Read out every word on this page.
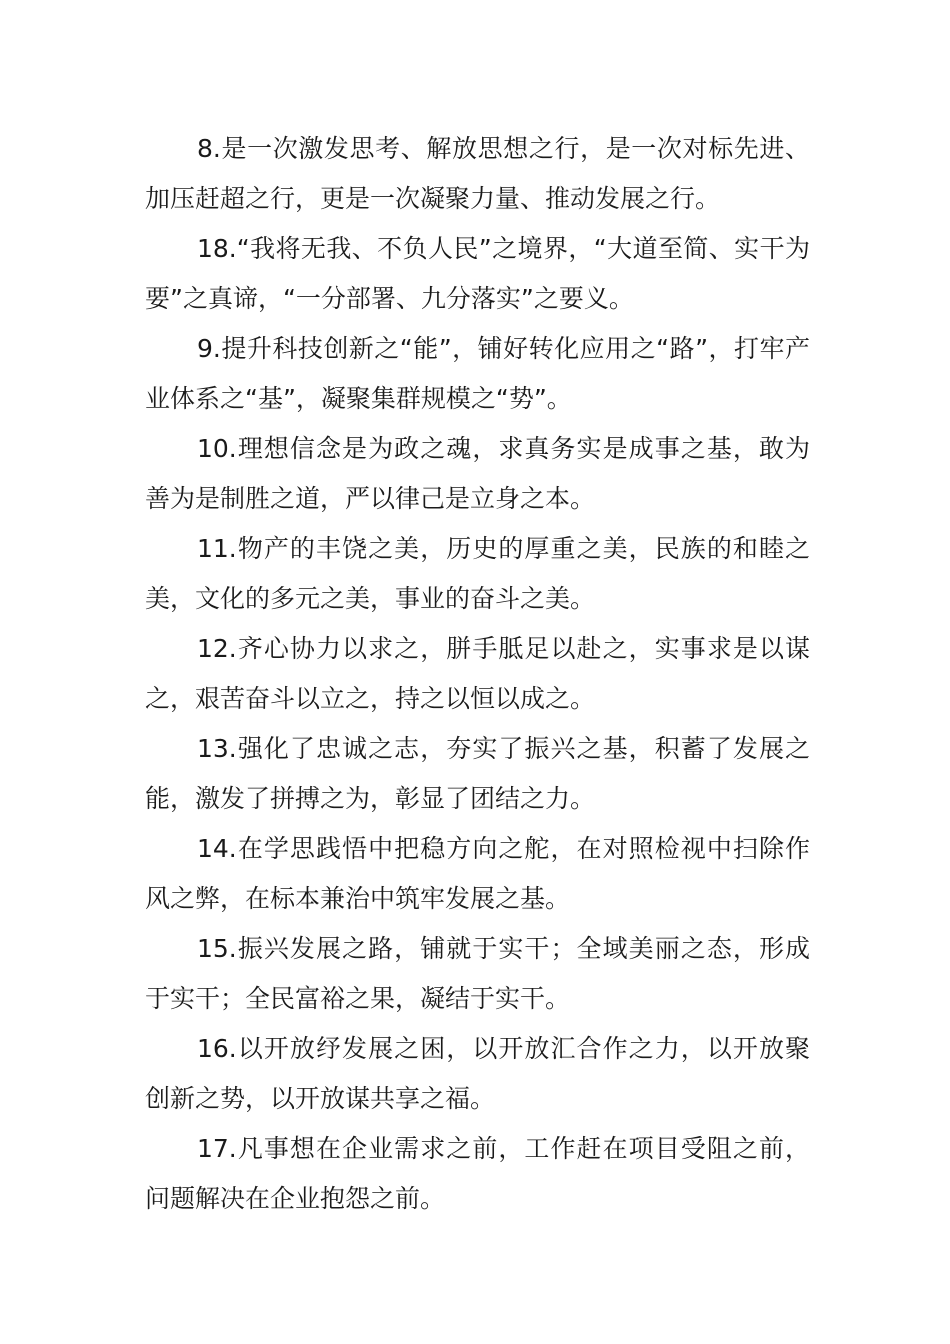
8.是一次激发思考、解放思想之行，是一次对标先进、加压赶超之行，更是一次凝聚力量、推动发展之行。

18.“我将无我、不负人民”之境界，“大道至简、实干为要”之真谛，“一分部署、九分落实”之要义。

9.提升科技创新之“能”，铺好转化应用之“路”，打牢产业体系之“基”，凝聚集群规模之“势”。

10.理想信念是为政之魂，求真务实是成事之基，敢为善为是制胜之道，严以律己是立身之本。

11.物产的丰饶之美，历史的厚重之美，民族的和睦之美，文化的多元之美，事业的奋斗之美。

12.齐心协力以求之，胼手胝足以赴之，实事求是以谋之，艰苦奋斗以立之，持之以恒以成之。

13.强化了忠诚之志，夯实了振兴之基，积蓄了发展之能，激发了拼搏之为，彰显了团结之力。

14.在学思践悟中把稳方向之舵，在对照检视中扫除作风之弊，在标本兼治中筑牢发展之基。

15.振兴发展之路，铺就于实干；全域美丽之态，形成于实干；全民富裕之果，凝结于实干。

16.以开放纾发展之困，以开放汇合作之力，以开放聚创新之势，以开放谋共享之福。

17.凡事想在企业需求之前，工作赶在项目受阻之前，问题解决在企业抱怨之前。
